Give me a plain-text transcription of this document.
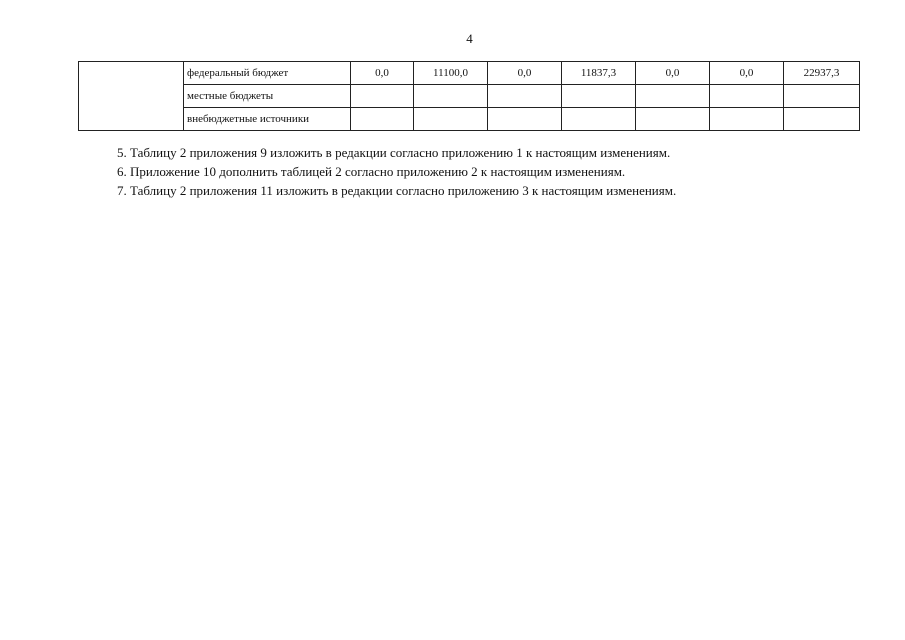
4
	федеральный бюджет	0,0	11100,0	0,0	11837,3	0,0	0,0	22937,3
	местные бюджеты							
	внебюджетные источники							

5. Таблицу 2 приложения 9 изложить в редакции согласно приложению 1 к настоящим изменениям.

6. Приложение 10 дополнить таблицей 2 согласно приложению 2 к настоящим изменениям.

7. Таблицу 2 приложения 11 изложить в редакции согласно приложению 3 к настоящим изменениям.
